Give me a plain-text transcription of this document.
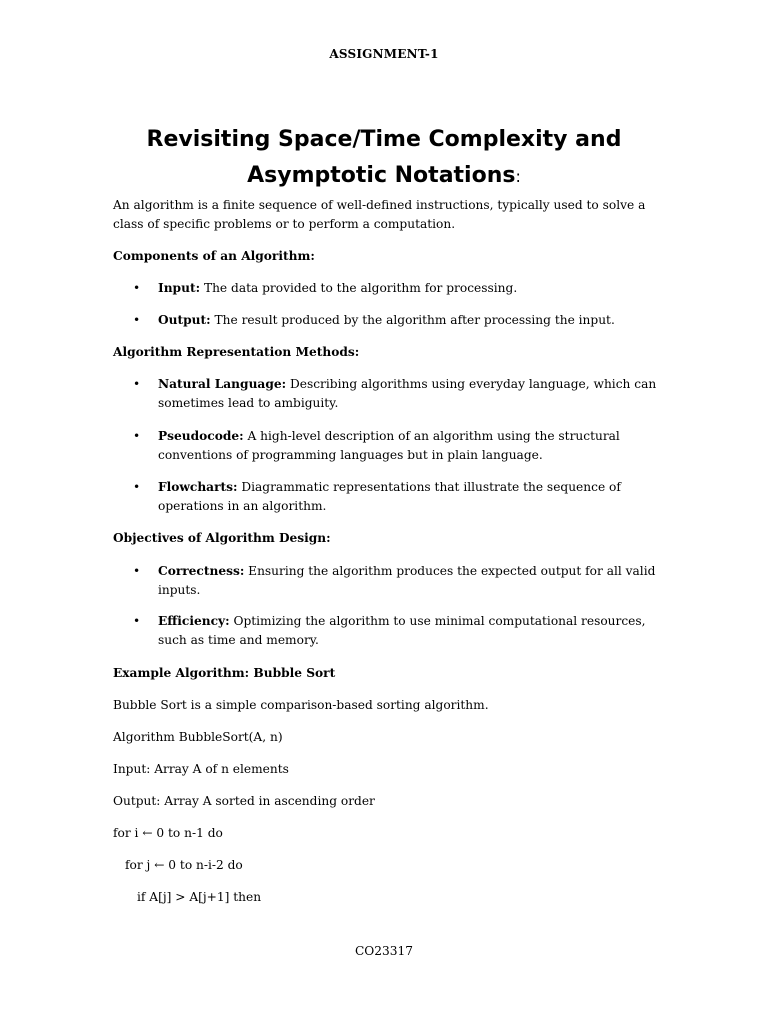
ASSIGNMENT-1
Revisiting Space/Time Complexity and Asymptotic Notations:
An algorithm is a finite sequence of well-defined instructions, typically used to solve a class of specific problems or to perform a computation.
Components of an Algorithm:
• Input: The data provided to the algorithm for processing.
• Output: The result produced by the algorithm after processing the input.
Algorithm Representation Methods:
• Natural Language: Describing algorithms using everyday language, which can sometimes lead to ambiguity.
• Pseudocode: A high-level description of an algorithm using the structural conventions of programming languages but in plain language.
• Flowcharts: Diagrammatic representations that illustrate the sequence of operations in an algorithm.
Objectives of Algorithm Design:
• Correctness: Ensuring the algorithm produces the expected output for all valid inputs.
• Efficiency: Optimizing the algorithm to use minimal computational resources, such as time and memory.
Example Algorithm: Bubble Sort
Bubble Sort is a simple comparison-based sorting algorithm.
Algorithm BubbleSort(A, n)
Input: Array A of n elements
Output: Array A sorted in ascending order
for i ← 0 to n-1 do
for j ← 0 to n-i-2 do
if A[j] > A[j+1] then
CO23317
